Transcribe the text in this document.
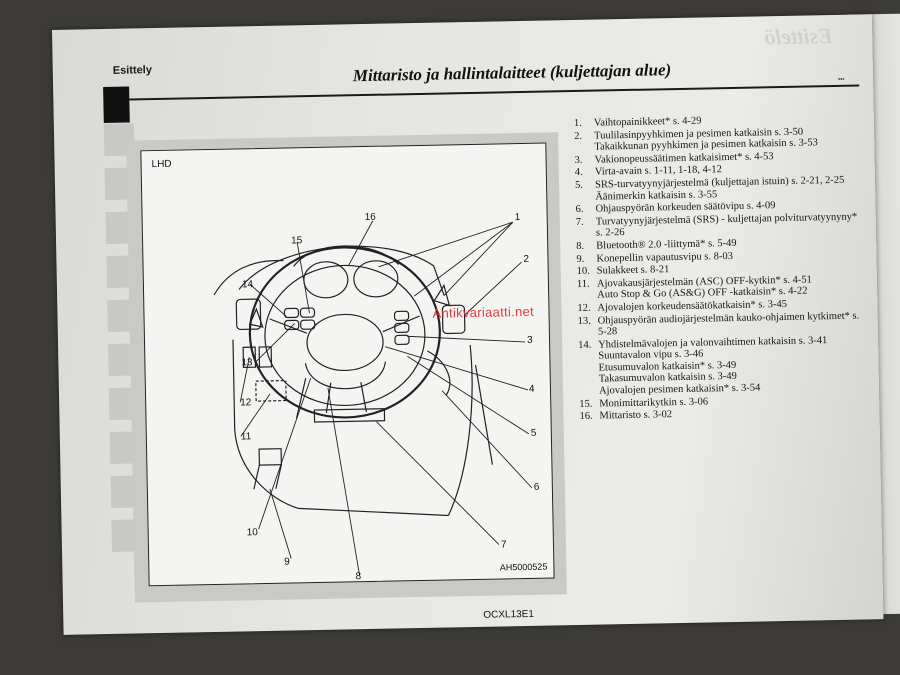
Esittelö
Esittely	Mittaristo ja hallintalaitteet (kuljettajan alue)	▪▪▪
LHD
AH5000525
1
2
3
4
5
6
7
8
9
10
11
12
13
14
15
16
1. Vaihtopainikkeet* s. 4-29
2. Tuulilasinpyyhkimen ja pesimen katkaisin s. 3-50
Takaikkunan pyyhkimen ja pesimen katkaisin s. 3-53
3. Vakionopeussäätimen katkaisimet* s. 4-53
4. Virta-avain s. 1-11, 1-18, 4-12
5. SRS-turvatyynyjärjestelmä (kuljettajan istuin) s. 2-21, 2-25
Äänimerkin katkaisin s. 3-55
6. Ohjauspyörän korkeuden säätövipu s. 4-09
7. Turvatyynyjärjestelmä (SRS) - kuljettajan polviturvatyynyny* s. 2-26
8. Bluetooth® 2.0 -liittymä* s. 5-49
9. Konepellin vapautusvipu s. 8-03
10. Sulakkeet s. 8-21
11. Ajovakausjärjestelmän (ASC) OFF-kytkin* s. 4-51
Auto Stop & Go (AS&G) OFF -katkaisin* s. 4-22
12. Ajovalojen korkeudensäätökatkaisin* s. 3-45
13. Ohjauspyörän audiojärjestelmän kauko-ohjaimen kytkimet* s. 5-28
14. Yhdistelmävalojen ja valonvaihtimen katkaisin s. 3-41
Suuntavalon vipu s. 3-46
Etusumuvalon katkaisin* s. 3-49
Takasumuvalon katkaisin s. 3-49
Ajovalojen pesimen katkaisin* s. 3-54
15. Monimittarikytkin s. 3-06
16. Mittaristo s. 3-02
OCXL13E1
Antikvariaatti.net
